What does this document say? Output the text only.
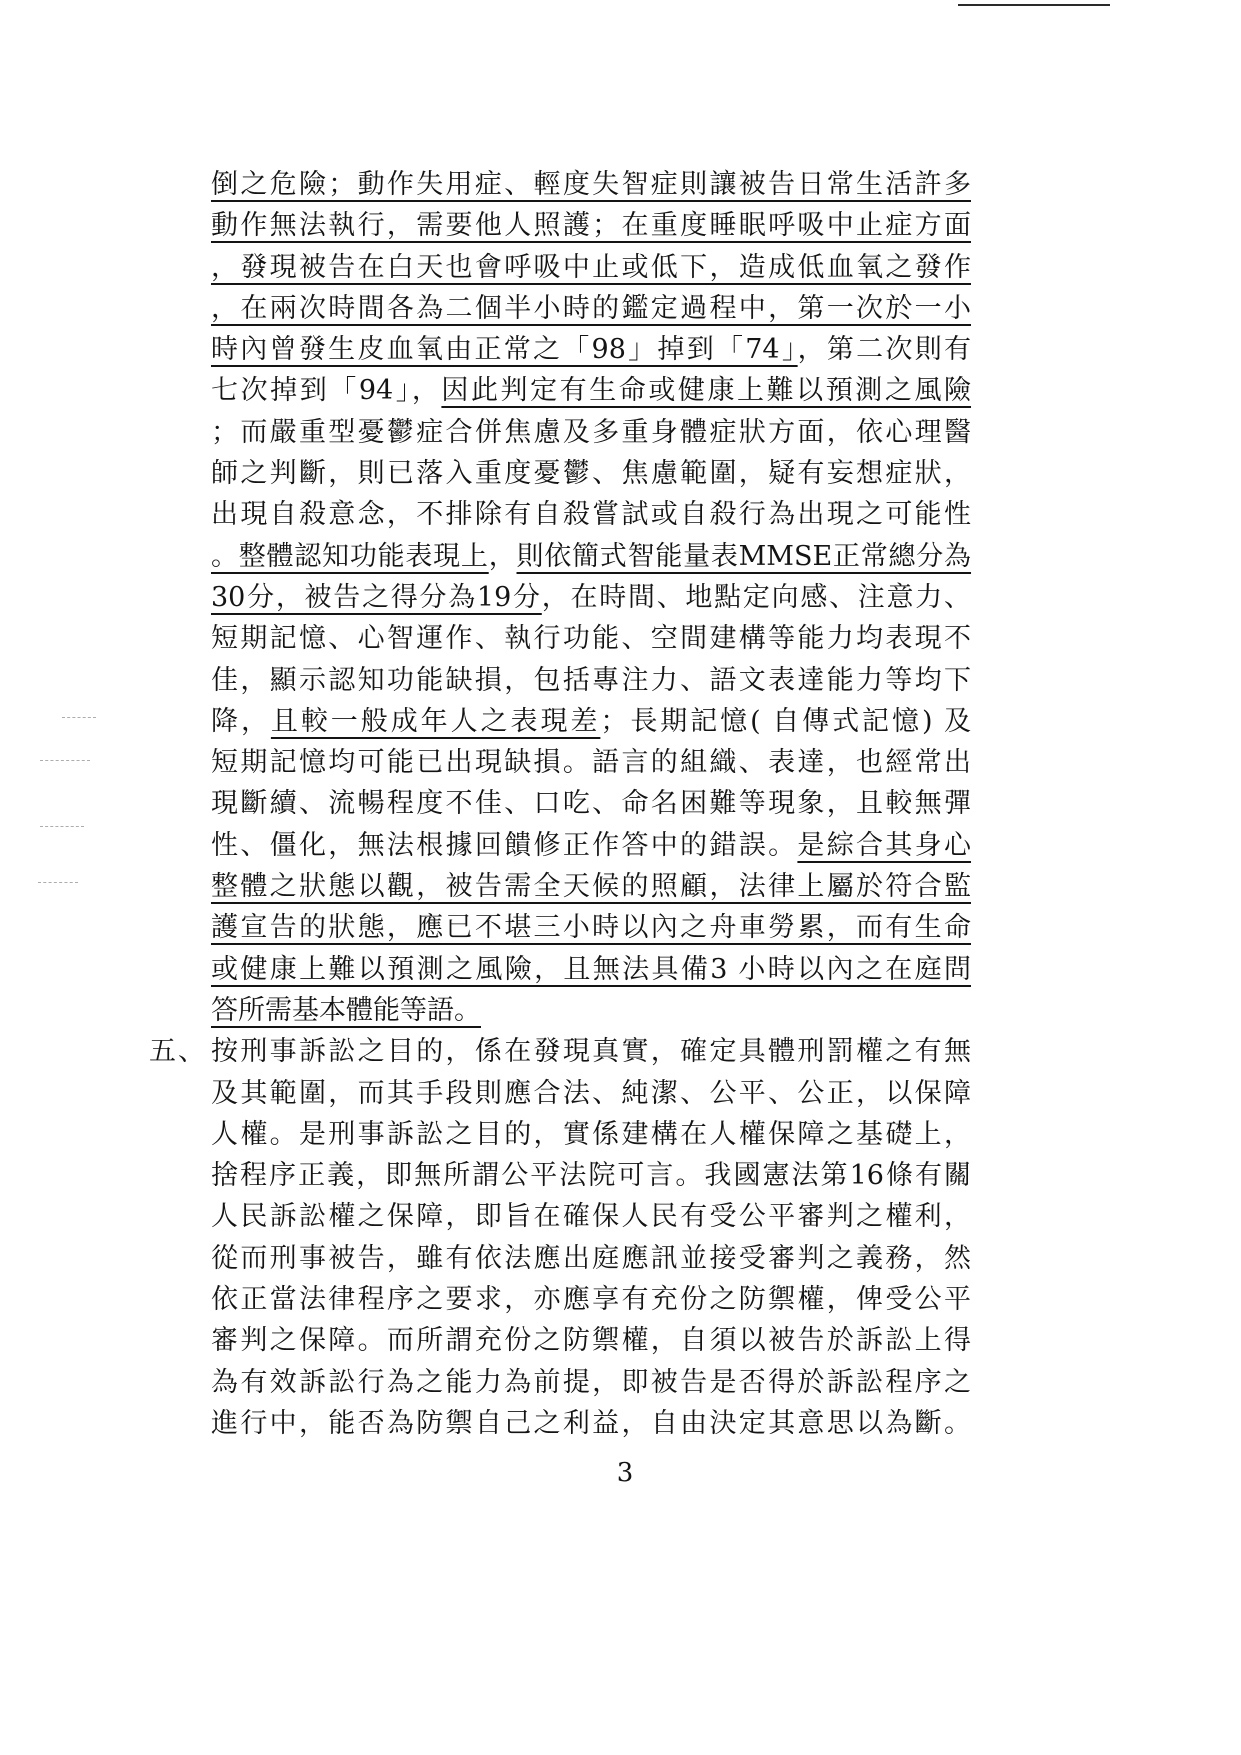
倒之危險；動作失用症、輕度失智症則讓被告日常生活許多
動作無法執行，需要他人照護；在重度睡眠呼吸中止症方面
，發現被告在白天也會呼吸中止或低下，造成低血氧之發作
，在兩次時間各為二個半小時的鑑定過程中，第一次於一小
時內曾發生皮血氧由正常之「98」掉到「74」，第二次則有
七次掉到「94」，因此判定有生命或健康上難以預測之風險
；而嚴重型憂鬱症合併焦慮及多重身體症狀方面，依心理醫
師之判斷，則已落入重度憂鬱、焦慮範圍，疑有妄想症狀，
出現自殺意念，不排除有自殺嘗試或自殺行為出現之可能性
。整體認知功能表現上，則依簡式智能量表MMSE正常總分為
30分，被告之得分為19分，在時間、地點定向感、注意力、
短期記憶、心智運作、執行功能、空間建構等能力均表現不
佳，顯示認知功能缺損，包括專注力、語文表達能力等均下
降，且較一般成年人之表現差；長期記憶( 自傳式記憶) 及
短期記憶均可能已出現缺損。語言的組織、表達，也經常出
現斷續、流暢程度不佳、口吃、命名困難等現象，且較無彈
性、僵化，無法根據回饋修正作答中的錯誤。是綜合其身心
整體之狀態以觀，被告需全天候的照顧，法律上屬於符合監
護宣告的狀態，應已不堪三小時以內之舟車勞累，而有生命
或健康上難以預測之風險，且無法具備3 小時以內之在庭問
答所需基本體能等語。
五、 按刑事訴訟之目的，係在發現真實，確定具體刑罰權之有無
及其範圍，而其手段則應合法、純潔、公平、公正，以保障
人權。是刑事訴訟之目的，實係建構在人權保障之基礎上，
捨程序正義，即無所謂公平法院可言。我國憲法第16條有關
人民訴訟權之保障，即旨在確保人民有受公平審判之權利，
從而刑事被告，雖有依法應出庭應訊並接受審判之義務，然
依正當法律程序之要求，亦應享有充份之防禦權，俾受公平
審判之保障。而所謂充份之防禦權，自須以被告於訴訟上得
為有效訴訟行為之能力為前提，即被告是否得於訴訟程序之
進行中，能否為防禦自己之利益，自由決定其意思以為斷。
3
